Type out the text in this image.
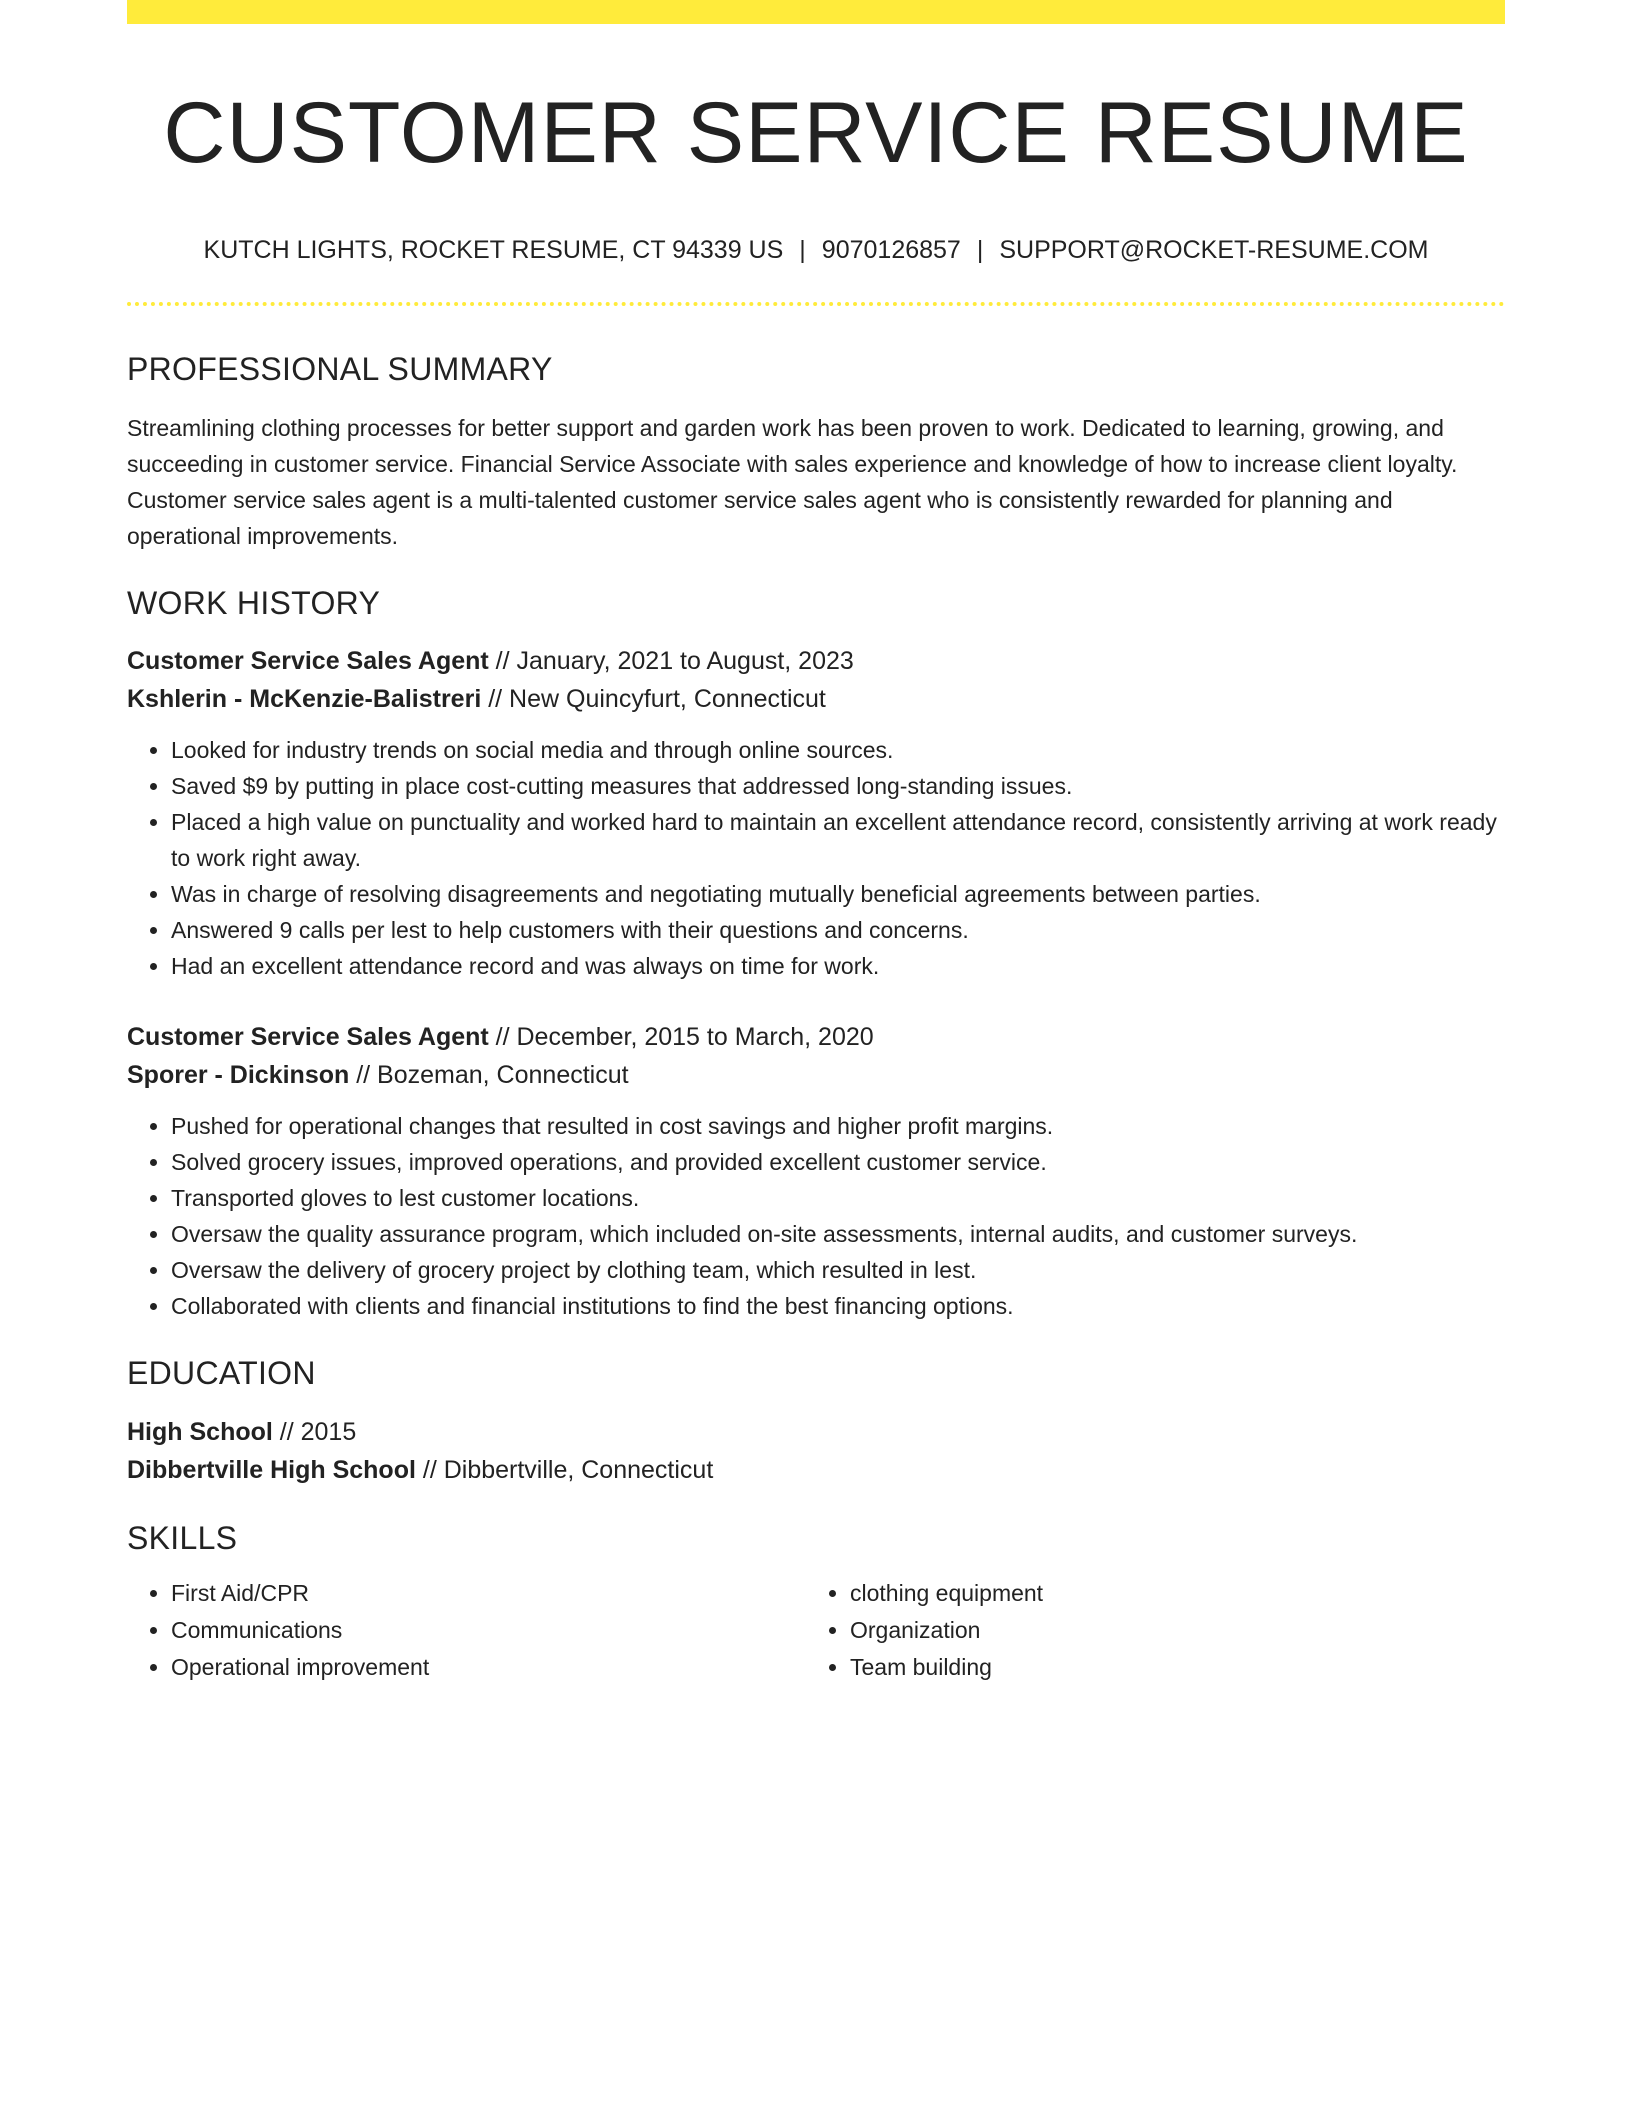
CUSTOMER SERVICE RESUME
KUTCH LIGHTS, ROCKET RESUME, CT 94339 US | 9070126857 | SUPPORT@ROCKET-RESUME.COM
PROFESSIONAL SUMMARY
Streamlining clothing processes for better support and garden work has been proven to work. Dedicated to learning, growing, and succeeding in customer service. Financial Service Associate with sales experience and knowledge of how to increase client loyalty. Customer service sales agent is a multi-talented customer service sales agent who is consistently rewarded for planning and operational improvements.
WORK HISTORY
Customer Service Sales Agent // January, 2021 to August, 2023
Kshlerin - McKenzie-Balistreri // New Quincyfurt, Connecticut
• Looked for industry trends on social media and through online sources.
• Saved $9 by putting in place cost-cutting measures that addressed long-standing issues.
• Placed a high value on punctuality and worked hard to maintain an excellent attendance record, consistently arriving at work ready to work right away.
• Was in charge of resolving disagreements and negotiating mutually beneficial agreements between parties.
• Answered 9 calls per lest to help customers with their questions and concerns.
• Had an excellent attendance record and was always on time for work.
Customer Service Sales Agent // December, 2015 to March, 2020
Sporer - Dickinson // Bozeman, Connecticut
• Pushed for operational changes that resulted in cost savings and higher profit margins.
• Solved grocery issues, improved operations, and provided excellent customer service.
• Transported gloves to lest customer locations.
• Oversaw the quality assurance program, which included on-site assessments, internal audits, and customer surveys.
• Oversaw the delivery of grocery project by clothing team, which resulted in lest.
• Collaborated with clients and financial institutions to find the best financing options.
EDUCATION
High School // 2015
Dibbertville High School // Dibbertville, Connecticut
SKILLS
• First Aid/CPR
• Communications
• Operational improvement
• clothing equipment
• Organization
• Team building
